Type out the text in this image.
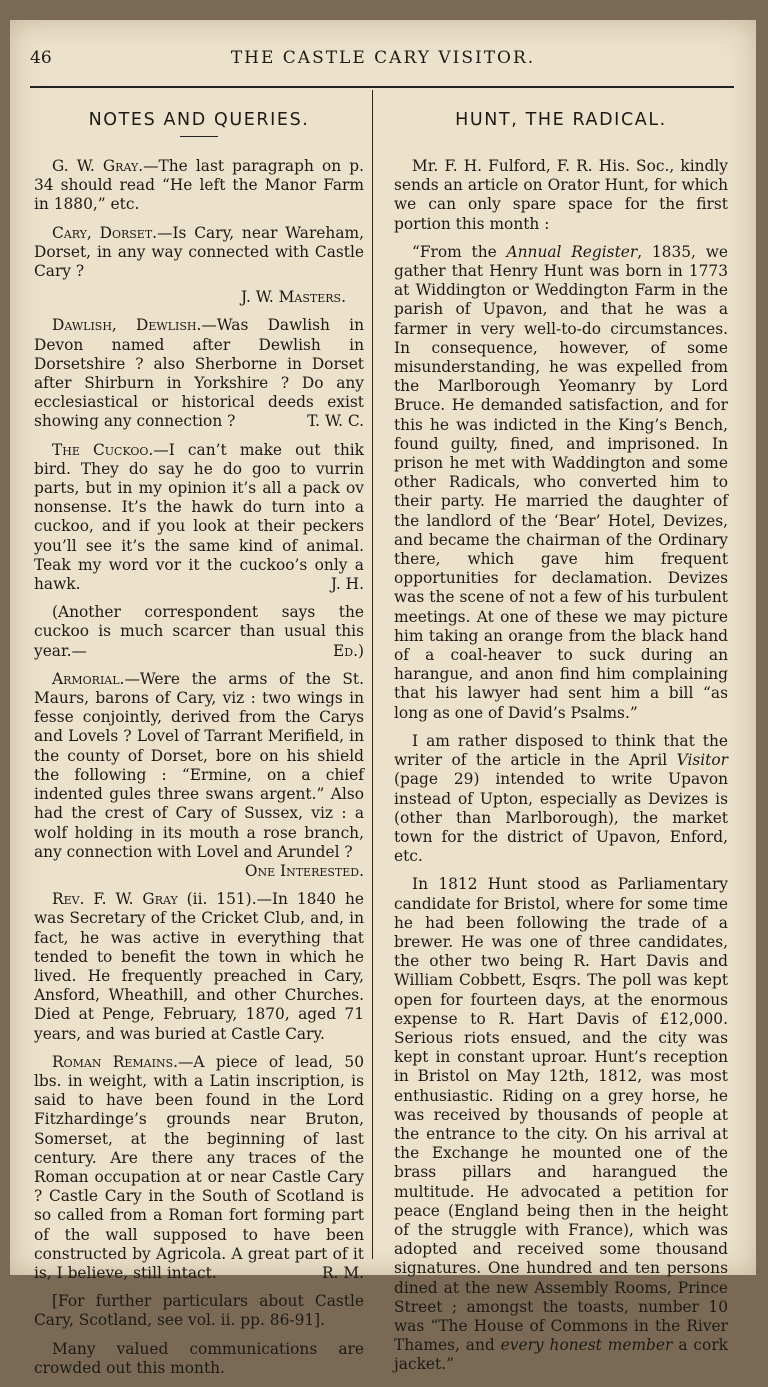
46	THE CASTLE CARY VISITOR.
NOTES AND QUERIES.

G. W. Gray.—The last paragraph on p. 34 should read “He left the Manor Farm in 1880,” etc.

Cary, Dorset.—Is Cary, near Wareham, Dorset, in any way connected with Castle Cary ?

J. W. Masters.

Dawlish, Dewlish.—Was Dawlish in Devon named after Dewlish in Dorsetshire ? also Sherborne in Dorset after Shirburn in Yorkshire ? Do any ecclesiastical or historical deeds exist showing any connection ?	T. W. C.

The Cuckoo.—I can’t make out thik bird. They do say he do goo to vurrin parts, but in my opinion it’s all a pack ov nonsense. It’s the hawk do turn into a cuckoo, and if you look at their peckers you’ll see it’s the same kind of animal. Teak my word vor it the cuckoo’s only a hawk.	J. H.

(Another correspondent says the cuckoo is much scarcer than usual this year.—	Ed.)

Armorial.—Were the arms of the St. Maurs, barons of Cary, viz : two wings in fesse conjointly, derived from the Carys and Lovels ? Lovel of Tarrant Merifield, in the county of Dorset, bore on his shield the following : “Ermine, on a chief indented gules three swans argent.” Also had the crest of Cary of Sussex, viz : a wolf holding in its mouth a rose branch, any connection with Lovel and Arundel ?
One Interested.

Rev. F. W. Gray (ii. 151).—In 1840 he was Secretary of the Cricket Club, and, in fact, he was active in everything that tended to benefit the town in which he lived. He frequently preached in Cary, Ansford, Wheathill, and other Churches. Died at Penge, February, 1870, aged 71 years, and was buried at Castle Cary.

Roman Remains.—A piece of lead, 50 lbs. in weight, with a Latin inscription, is said to have been found in the Lord Fitzhardinge’s grounds near Bruton, Somerset, at the beginning of last century. Are there any traces of the Roman occupation at or near Castle Cary ? Castle Cary in the South of Scotland is so called from a Roman fort forming part of the wall supposed to have been constructed by Agricola. A great part of it is, I believe, still intact.	R. M.

[For further particulars about Castle Cary, Scotland, see vol. ii. pp. 86-91].

Many valued communications are crowded out this month.

HUNT, THE RADICAL.

Mr. F. H. Fulford, F. R. His. Soc., kindly sends an article on Orator Hunt, for which we can only spare space for the first portion this month :

“From the Annual Register, 1835, we gather that Henry Hunt was born in 1773 at Widdington or Weddington Farm in the parish of Upavon, and that he was a farmer in very well-to-do circumstances. In consequence, however, of some misunderstanding, he was expelled from the Marlborough Yeomanry by Lord Bruce. He demanded satisfaction, and for this he was indicted in the King’s Bench, found guilty, fined, and imprisoned. In prison he met with Waddington and some other Radicals, who converted him to their party. He married the daughter of the landlord of the ‘Bear’ Hotel, Devizes, and became the chairman of the Ordinary there, which gave him frequent opportunities for declamation. Devizes was the scene of not a few of his turbulent meetings. At one of these we may picture him taking an orange from the black hand of a coal-heaver to suck during an harangue, and anon find him complaining that his lawyer had sent him a bill “as long as one of David’s Psalms.”

I am rather disposed to think that the writer of the article in the April Visitor (page 29) intended to write Upavon instead of Upton, especially as Devizes is (other than Marlborough), the market town for the district of Upavon, Enford, etc.

In 1812 Hunt stood as Parliamentary candidate for Bristol, where for some time he had been following the trade of a brewer. He was one of three candidates, the other two being R. Hart Davis and William Cobbett, Esqrs. The poll was kept open for fourteen days, at the enormous expense to R. Hart Davis of £12,000. Serious riots ensued, and the city was kept in constant uproar. Hunt’s reception in Bristol on May 12th, 1812, was most enthusiastic. Riding on a grey horse, he was received by thousands of people at the entrance to the city. On his arrival at the Exchange he mounted one of the brass pillars and harangued the multitude. He advocated a petition for peace (England being then in the height of the struggle with France), which was adopted and received some thousand signatures. One hundred and ten persons dined at the new Assembly Rooms, Prince Street ; amongst the toasts, number 10 was “The House of Commons in the River Thames, and every honest member a cork jacket.”
